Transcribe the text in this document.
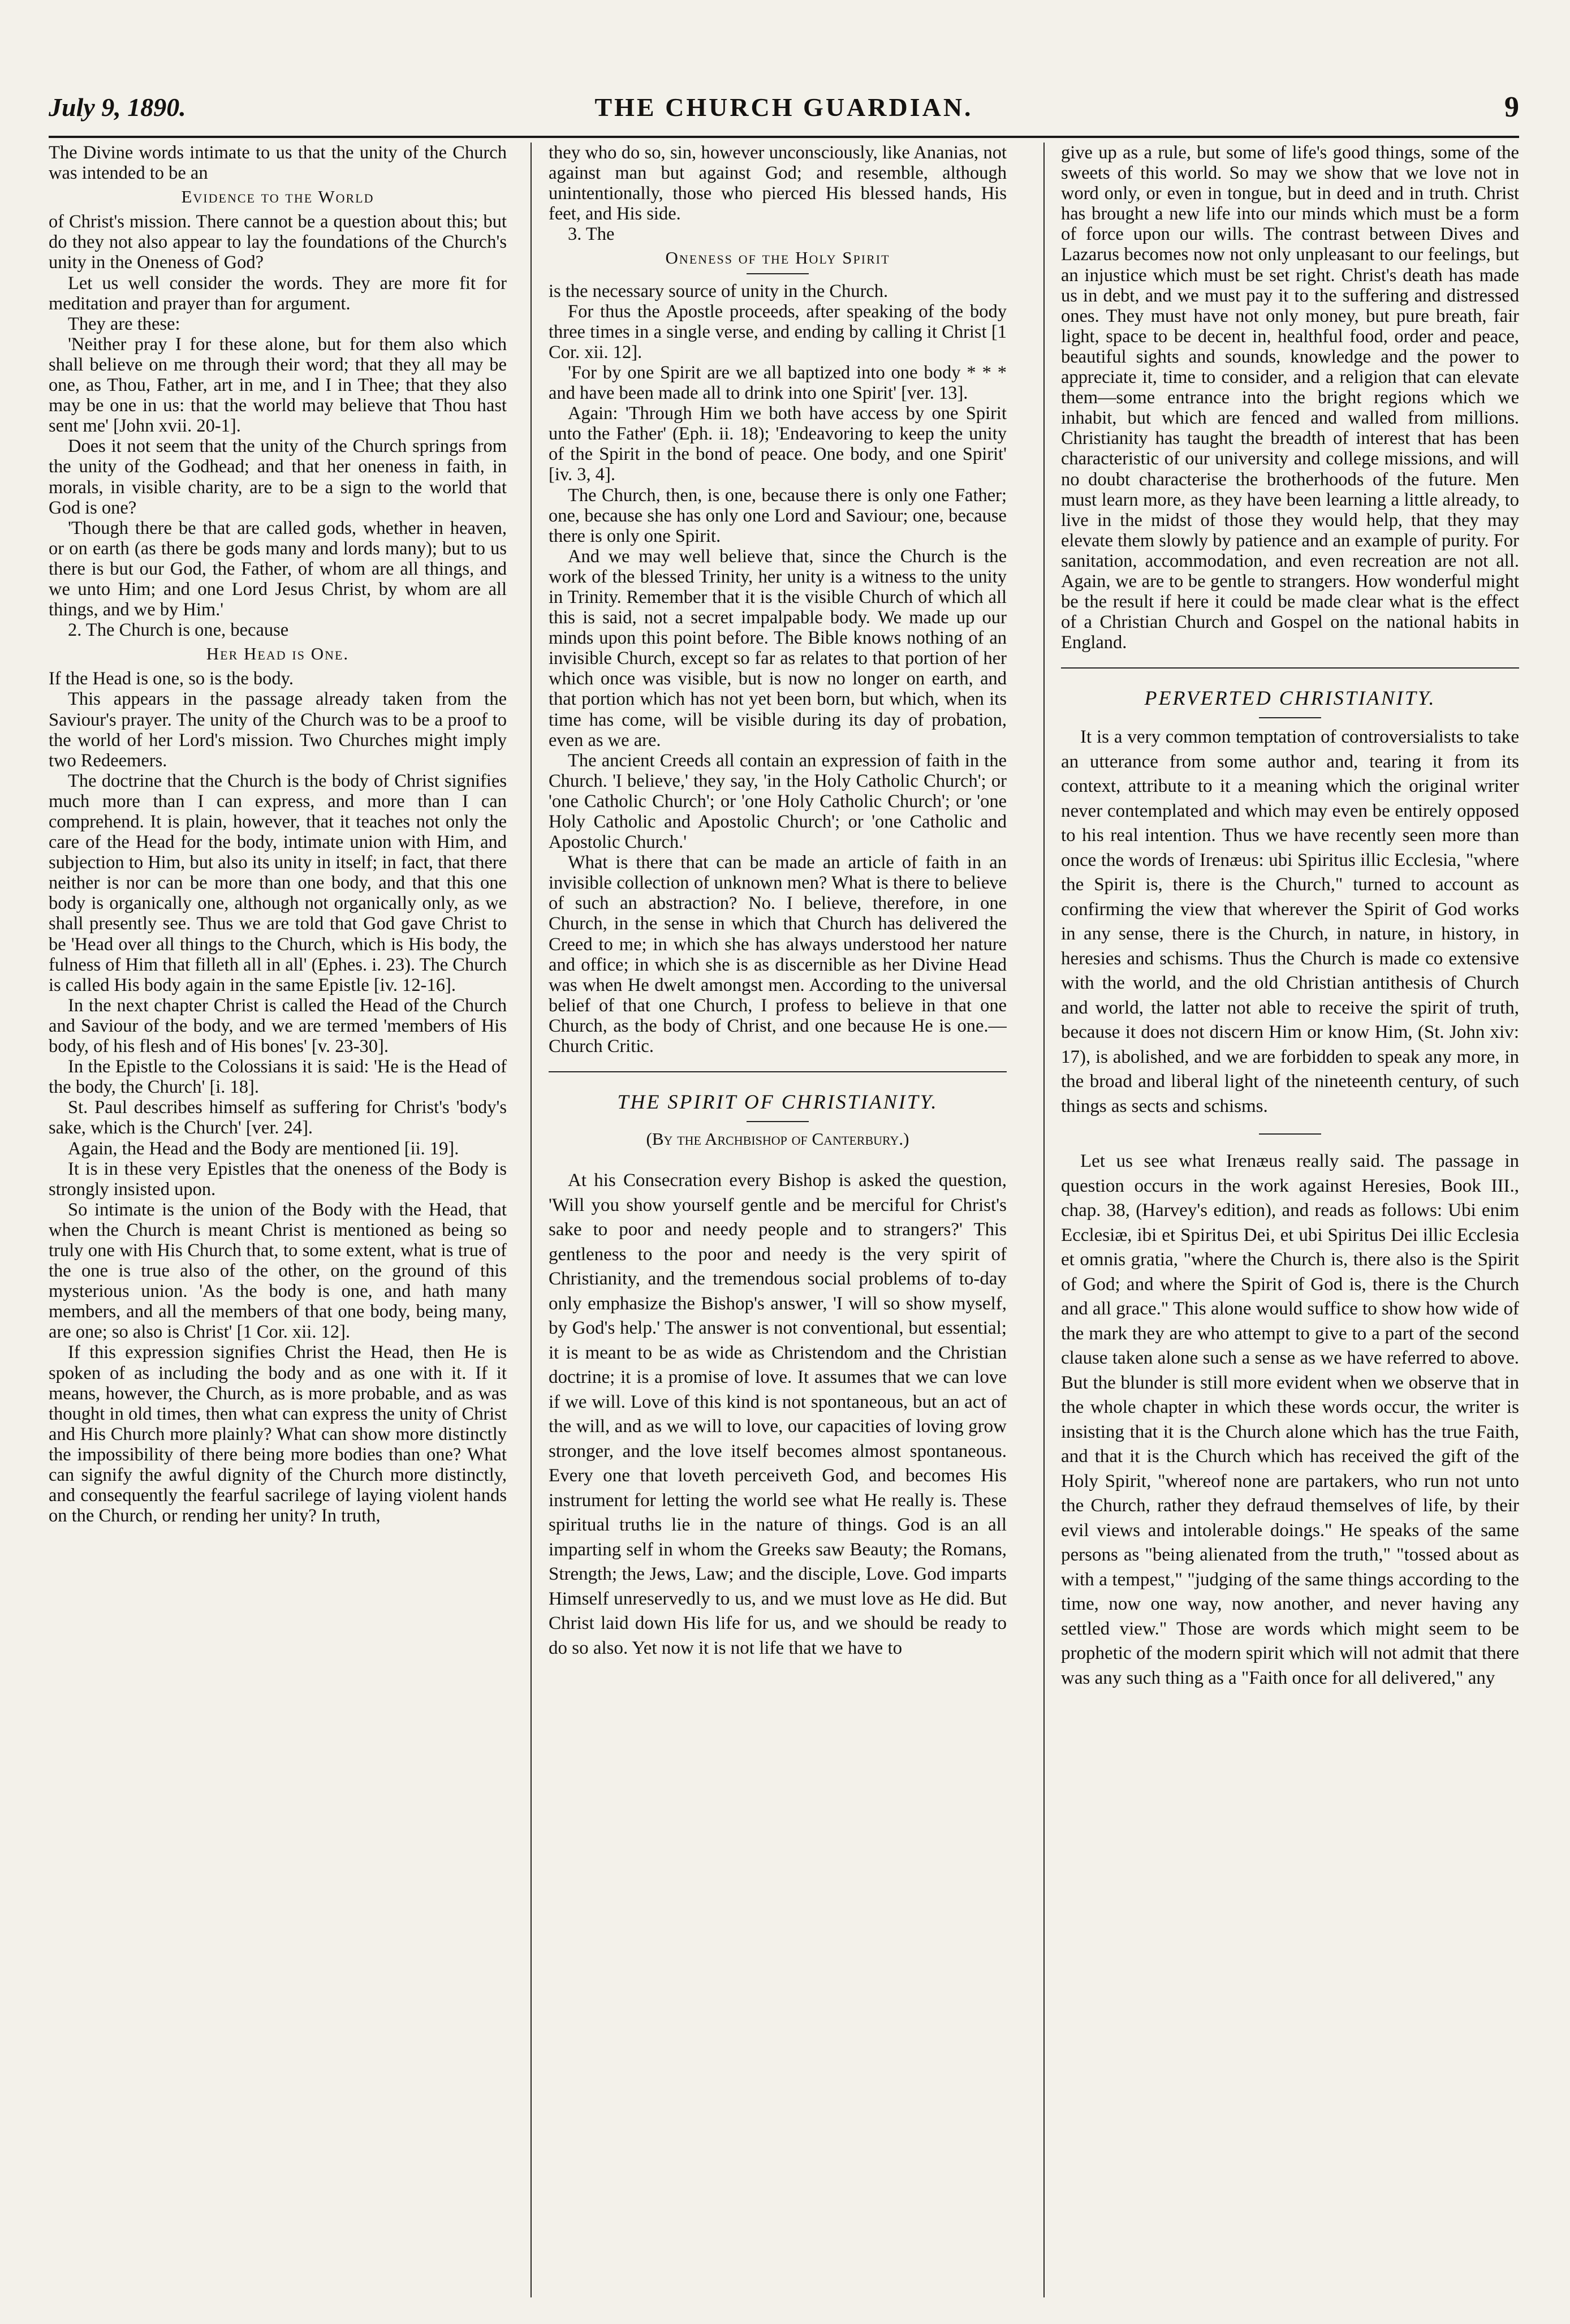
THE CHURCH GUARDIAN.
July 9, 1890.	9

The Divine words intimate to us that the unity of the Church was intended to be an

Evidence to the World

of Christ's mission. There cannot be a question about this; but do they not also appear to lay the foundations of the Church's unity in the Oneness of God?

Let us well consider the words. They are more fit for meditation and prayer than for argument.

They are these:

'Neither pray I for these alone, but for them also which shall believe on me through their word; that they all may be one, as Thou, Father, art in me, and I in Thee; that they also may be one in us: that the world may believe that Thou hast sent me' [John xvii. 20-1].

Does it not seem that the unity of the Church springs from the unity of the Godhead; and that her oneness in faith, in morals, in visible charity, are to be a sign to the world that God is one?

'Though there be that are called gods, whether in heaven, or on earth (as there be gods many and lords many); but to us there is but our God, the Father, of whom are all things, and we unto Him; and one Lord Jesus Christ, by whom are all things, and we by Him.'

2. The Church is one, because

Her Head is One.

If the Head is one, so is the body.

This appears in the passage already taken from the Saviour's prayer. The unity of the Church was to be a proof to the world of her Lord's mission. Two Churches might imply two Redeemers.

The doctrine that the Church is the body of Christ signifies much more than I can express, and more than I can comprehend. It is plain, however, that it teaches not only the care of the Head for the body, intimate union with Him, and subjection to Him, but also its unity in itself; in fact, that there neither is nor can be more than one body, and that this one body is organically one, although not organically only, as we shall presently see. Thus we are told that God gave Christ to be 'Head over all things to the Church, which is His body, the fulness of Him that filleth all in all' (Ephes. i. 23). The Church is called His body again in the same Epistle [iv. 12-16].

In the next chapter Christ is called the Head of the Church and Saviour of the body, and we are termed 'members of His body, of his flesh and of His bones' [v. 23-30].

In the Epistle to the Colossians it is said: 'He is the Head of the body, the Church' [i. 18].

St. Paul describes himself as suffering for Christ's 'body's sake, which is the Church' [ver. 24].

Again, the Head and the Body are mentioned [ii. 19].

It is in these very Epistles that the oneness of the Body is strongly insisted upon.

So intimate is the union of the Body with the Head, that when the Church is meant Christ is mentioned as being so truly one with His Church that, to some extent, what is true of the one is true also of the other, on the ground of this mysterious union. 'As the body is one, and hath many members, and all the members of that one body, being many, are one; so also is Christ' [1 Cor. xii. 12].

If this expression signifies Christ the Head, then He is spoken of as including the body and as one with it. If it means, however, the Church, as is more probable, and as was thought in old times, then what can express the unity of Christ and His Church more plainly? What can show more distinctly the impossibility of there being more bodies than one? What can signify the awful dignity of the Church more distinctly, and consequently the fearful sacrilege of laying violent hands on the Church, or rending her unity? In truth,

they who do so, sin, however unconsciously, like Ananias, not against man but against God; and resemble, although unintentionally, those who pierced His blessed hands, His feet, and His side.

3. The

Oneness of the Holy Spirit

is the necessary source of unity in the Church.

For thus the Apostle proceeds, after speaking of the body three times in a single verse, and ending by calling it Christ [1 Cor. xii. 12].

'For by one Spirit are we all baptized into one body * * * and have been made all to drink into one Spirit' [ver. 13].

Again: 'Through Him we both have access by one Spirit unto the Father' (Eph. ii. 18); 'Endeavoring to keep the unity of the Spirit in the bond of peace. One body, and one Spirit' [iv. 3, 4].

The Church, then, is one, because there is only one Father; one, because she has only one Lord and Saviour; one, because there is only one Spirit.

And we may well believe that, since the Church is the work of the blessed Trinity, her unity is a witness to the unity in Trinity. Remember that it is the visible Church of which all this is said, not a secret impalpable body. We made up our minds upon this point before. The Bible knows nothing of an invisible Church, except so far as relates to that portion of her which once was visible, but is now no longer on earth, and that portion which has not yet been born, but which, when its time has come, will be visible during its day of probation, even as we are.

The ancient Creeds all contain an expression of faith in the Church. 'I believe,' they say, 'in the Holy Catholic Church'; or 'one Catholic Church'; or 'one Holy Catholic Church'; or 'one Holy Catholic and Apostolic Church'; or 'one Catholic and Apostolic Church.'

What is there that can be made an article of faith in an invisible collection of unknown men? What is there to believe of such an abstraction? No. I believe, therefore, in one Church, in the sense in which that Church has delivered the Creed to me; in which she has always understood her nature and office; in which she is as discernible as her Divine Head was when He dwelt amongst men. According to the universal belief of that one Church, I profess to believe in that one Church, as the body of Christ, and one because He is one.—Church Critic.

THE SPIRIT OF CHRISTIANITY.
(By the Archbishop of Canterbury.)

At his Consecration every Bishop is asked the question, 'Will you show yourself gentle and be merciful for Christ's sake to poor and needy people and to strangers?' This gentleness to the poor and needy is the very spirit of Christianity, and the tremendous social problems of to-day only emphasize the Bishop's answer, 'I will so show myself, by God's help.' The answer is not conventional, but essential; it is meant to be as wide as Christendom and the Christian doctrine; it is a promise of love. It assumes that we can love if we will. Love of this kind is not spontaneous, but an act of the will, and as we will to love, our capacities of loving grow stronger, and the love itself becomes almost spontaneous. Every one that loveth perceiveth God, and becomes His instrument for letting the world see what He really is. These spiritual truths lie in the nature of things. God is an all imparting self in whom the Greeks saw Beauty; the Romans, Strength; the Jews, Law; and the disciple, Love. God imparts Himself unreservedly to us, and we must love as He did. But Christ laid down His life for us, and we should be ready to do so also. Yet now it is not life that we have to

give up as a rule, but some of life's good things, some of the sweets of this world. So may we show that we love not in word only, or even in tongue, but in deed and in truth. Christ has brought a new life into our minds which must be a form of force upon our wills. The contrast between Dives and Lazarus becomes now not only unpleasant to our feelings, but an injustice which must be set right. Christ's death has made us in debt, and we must pay it to the suffering and distressed ones. They must have not only money, but pure breath, fair light, space to be decent in, healthful food, order and peace, beautiful sights and sounds, knowledge and the power to appreciate it, time to consider, and a religion that can elevate them—some entrance into the bright regions which we inhabit, but which are fenced and walled from millions. Christianity has taught the breadth of interest that has been characteristic of our university and college missions, and will no doubt characterise the brotherhoods of the future. Men must learn more, as they have been learning a little already, to live in the midst of those they would help, that they may elevate them slowly by patience and an example of purity. For sanitation, accommodation, and even recreation are not all. Again, we are to be gentle to strangers. How wonderful might be the result if here it could be made clear what is the effect of a Christian Church and Gospel on the national habits in England.

PERVERTED CHRISTIANITY.

It is a very common temptation of controversialists to take an utterance from some author and, tearing it from its context, attribute to it a meaning which the original writer never contemplated and which may even be entirely opposed to his real intention. Thus we have recently seen more than once the words of Irenæus: ubi Spiritus illic Ecclesia, "where the Spirit is, there is the Church," turned to account as confirming the view that wherever the Spirit of God works in any sense, there is the Church, in nature, in history, in heresies and schisms. Thus the Church is made co extensive with the world, and the old Christian antithesis of Church and world, the latter not able to receive the spirit of truth, because it does not discern Him or know Him, (St. John xiv: 17), is abolished, and we are forbidden to speak any more, in the broad and liberal light of the nineteenth century, of such things as sects and schisms.

Let us see what Irenæus really said. The passage in question occurs in the work against Heresies, Book III., chap. 38, (Harvey's edition), and reads as follows: Ubi enim Ecclesiæ, ibi et Spiritus Dei, et ubi Spiritus Dei illic Ecclesia et omnis gratia, "where the Church is, there also is the Spirit of God; and where the Spirit of God is, there is the Church and all grace." This alone would suffice to show how wide of the mark they are who attempt to give to a part of the second clause taken alone such a sense as we have referred to above. But the blunder is still more evident when we observe that in the whole chapter in which these words occur, the writer is insisting that it is the Church alone which has the true Faith, and that it is the Church which has received the gift of the Holy Spirit, "whereof none are partakers, who run not unto the Church, rather they defraud themselves of life, by their evil views and intolerable doings." He speaks of the same persons as "being alienated from the truth," "tossed about as with a tempest," "judging of the same things according to the time, now one way, now another, and never having any settled view." Those are words which might seem to be prophetic of the modern spirit which will not admit that there was any such thing as a "Faith once for all delivered," any
